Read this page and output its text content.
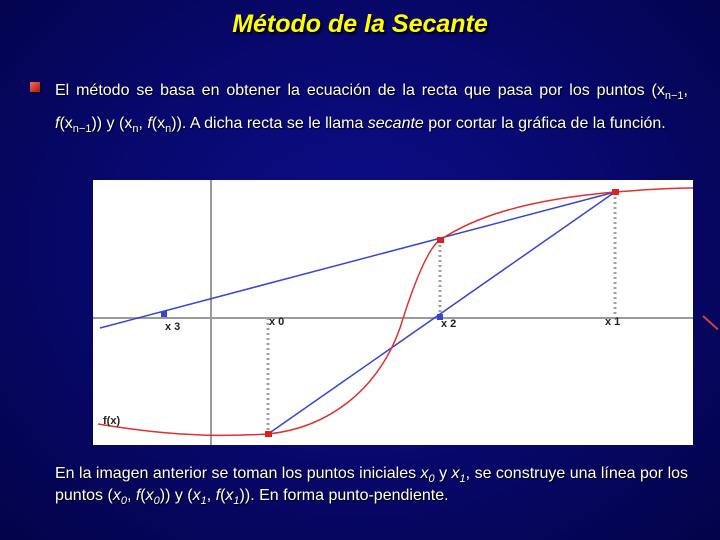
Método de la Secante
El método se basa en obtener la ecuación de la recta que pasa por los puntos ($x_{n-1}$, $f(x_{n-1})$) y ($x_n$, $f(x_n)$). A dicha recta se le llama secante por cortar la gráfica de la función.
x 3	x 0	x 2	x 1
f(x)
En la imagen anterior se toman los puntos iniciales $x_0$ y $x_1$, se construye una línea por los puntos ($x_0$, $f(x_0)$) y ($x_1$, $f(x_1)$). En forma punto-pendiente.
